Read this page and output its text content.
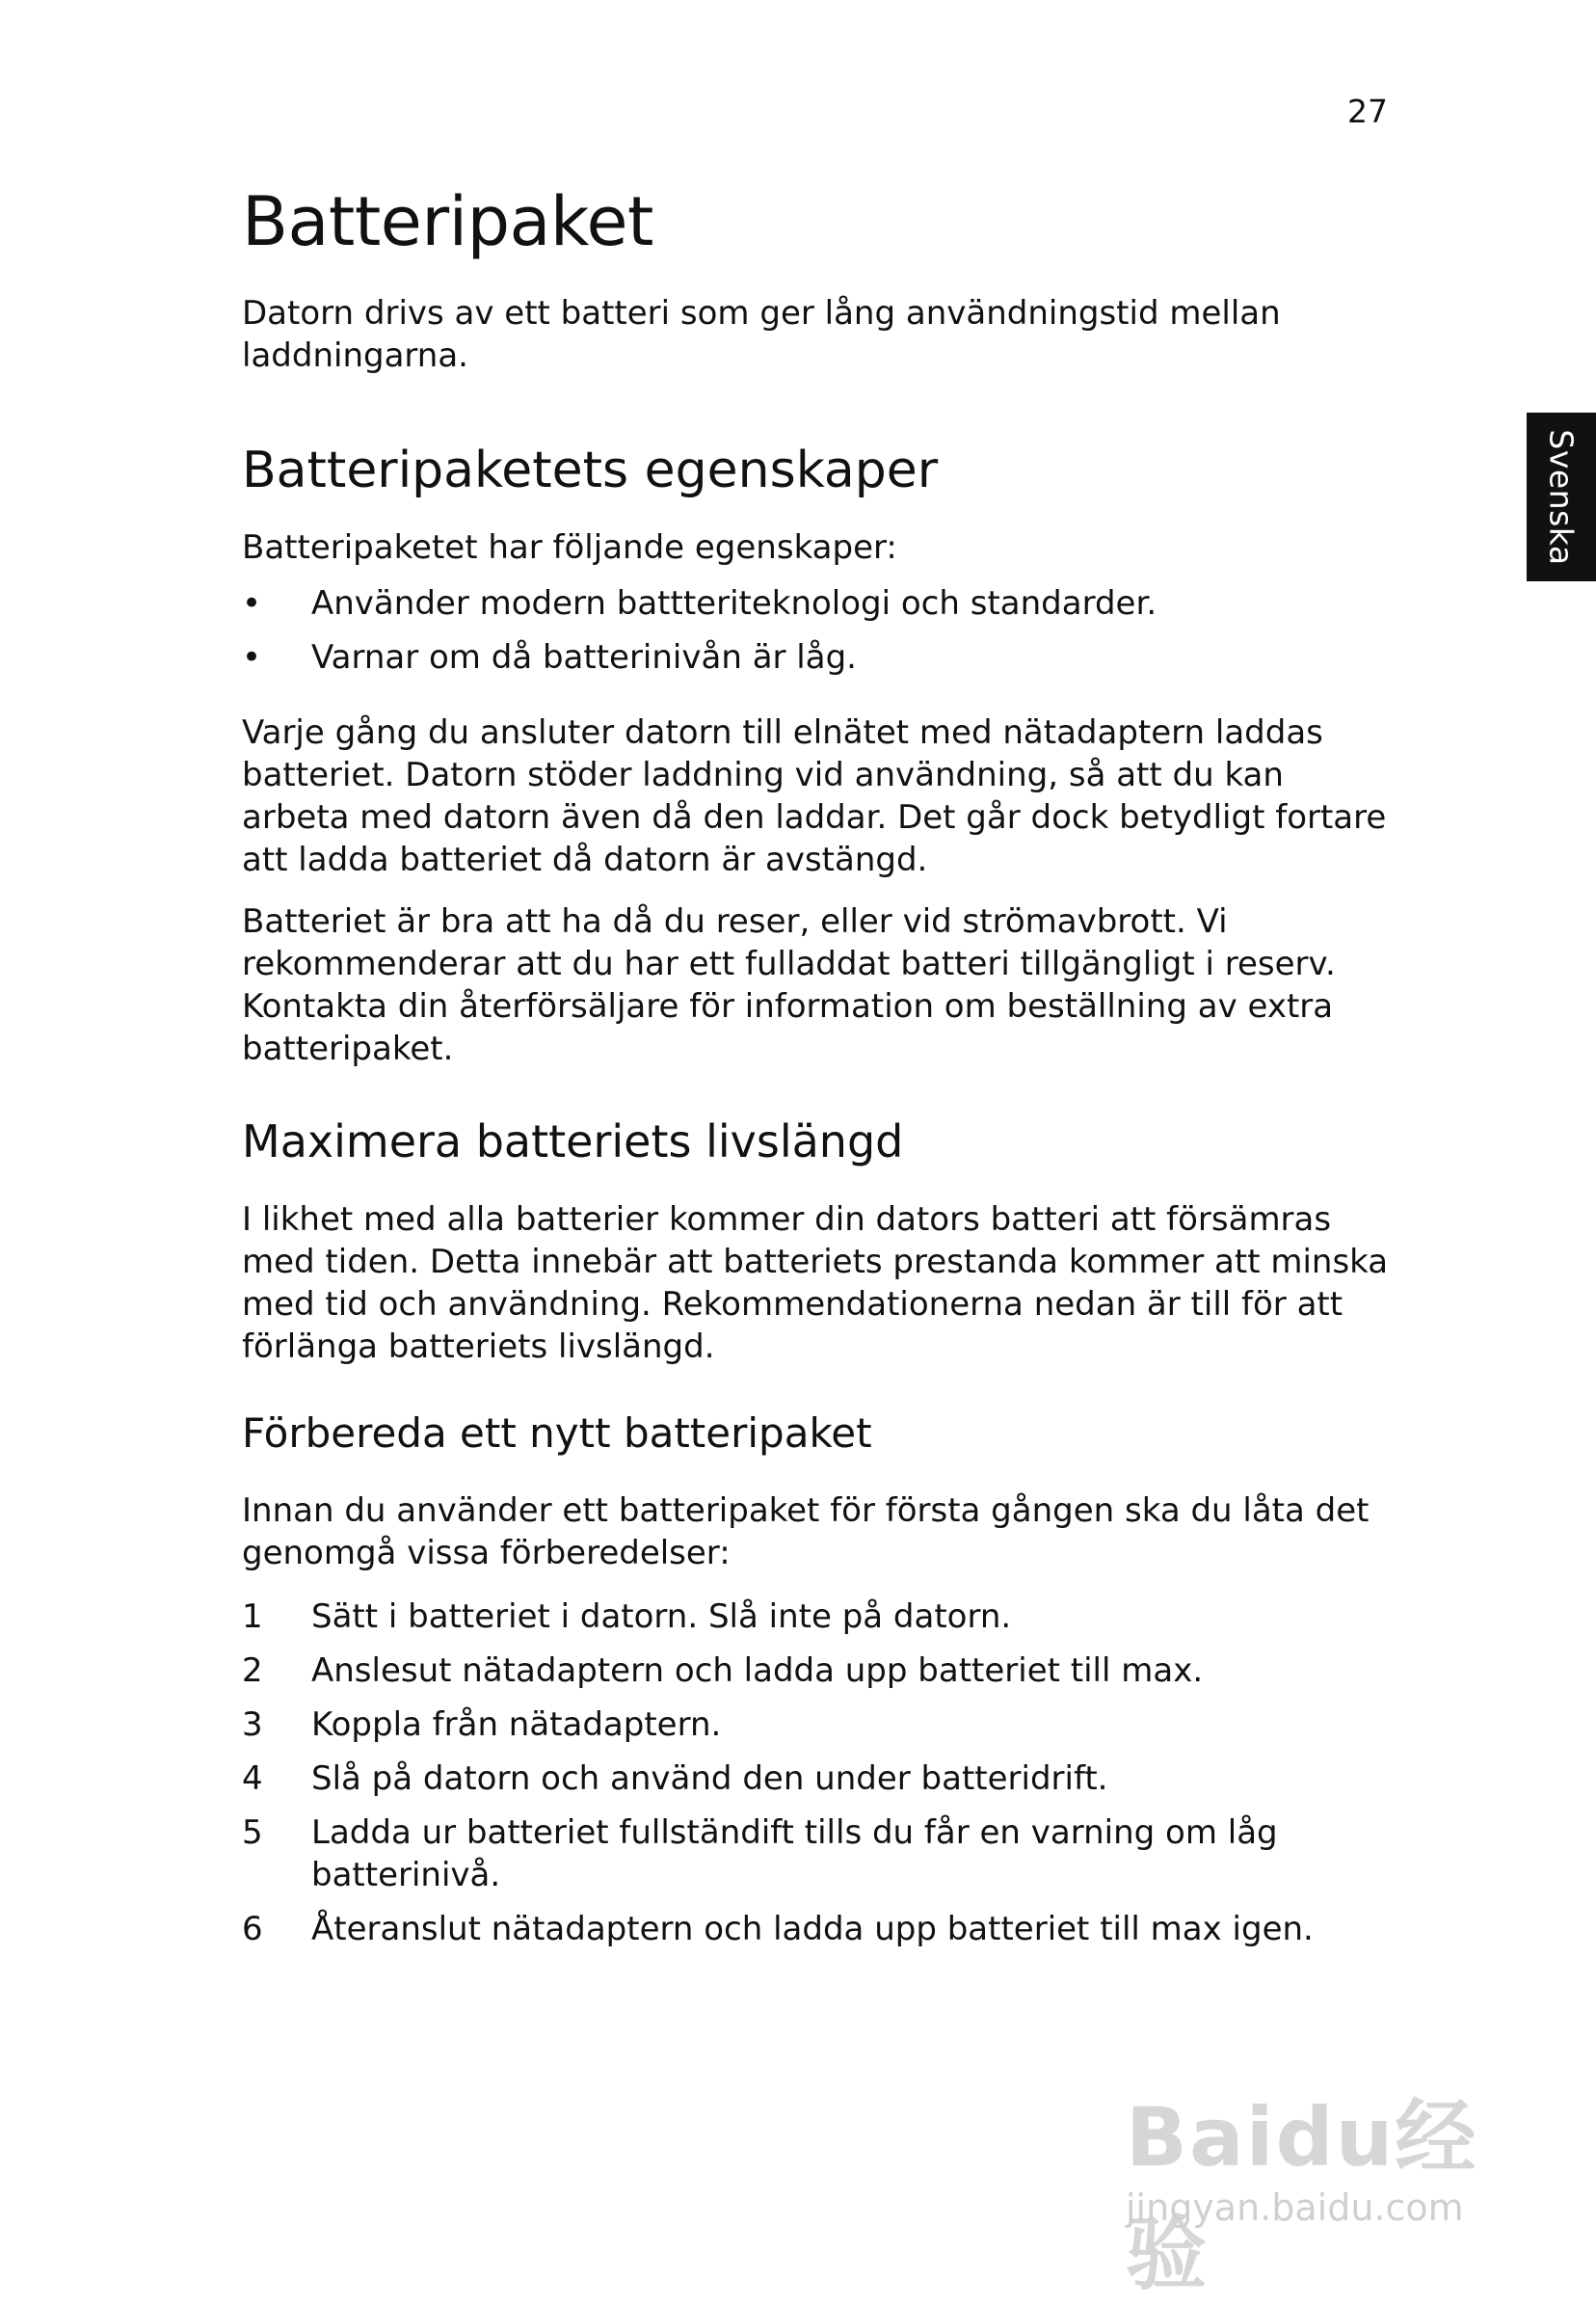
27
Svenska
Batteripaket

Datorn drivs av ett batteri som ger lång användningstid mellan laddningarna.

Batteripaketets egenskaper

Batteripaketet har följande egenskaper:

• Använder modern battteriteknologi och standarder.
• Varnar om då batterinivån är låg.

Varje gång du ansluter datorn till elnätet med nätadaptern laddas batteriet. Datorn stöder laddning vid användning, så att du kan arbeta med datorn även då den laddar. Det går dock betydligt fortare att ladda batteriet då datorn är avstängd.

Batteriet är bra att ha då du reser, eller vid strömavbrott. Vi rekommenderar att du har ett fulladdat batteri tillgängligt i reserv. Kontakta din återförsäljare för information om beställning av extra batteripaket.

Maximera batteriets livslängd

I likhet med alla batterier kommer din dators batteri att försämras med tiden. Detta innebär att batteriets prestanda kommer att minska med tid och användning. Rekommendationerna nedan är till för att förlänga batteriets livslängd.

Förbereda ett nytt batteripaket

Innan du använder ett batteripaket för första gången ska du låta det genomgå vissa förberedelser:

1 Sätt i batteriet i datorn. Slå inte på datorn.
2 Anslesut nätadaptern och ladda upp batteriet till max.
3 Koppla från nätadaptern.
4 Slå på datorn och använd den under batteridrift.
5 Ladda ur batteriet fullständift tills du får en varning om låg batterinivå.
6 Återanslut nätadaptern och ladda upp batteriet till max igen.
Baidu经验
jingyan.baidu.com
